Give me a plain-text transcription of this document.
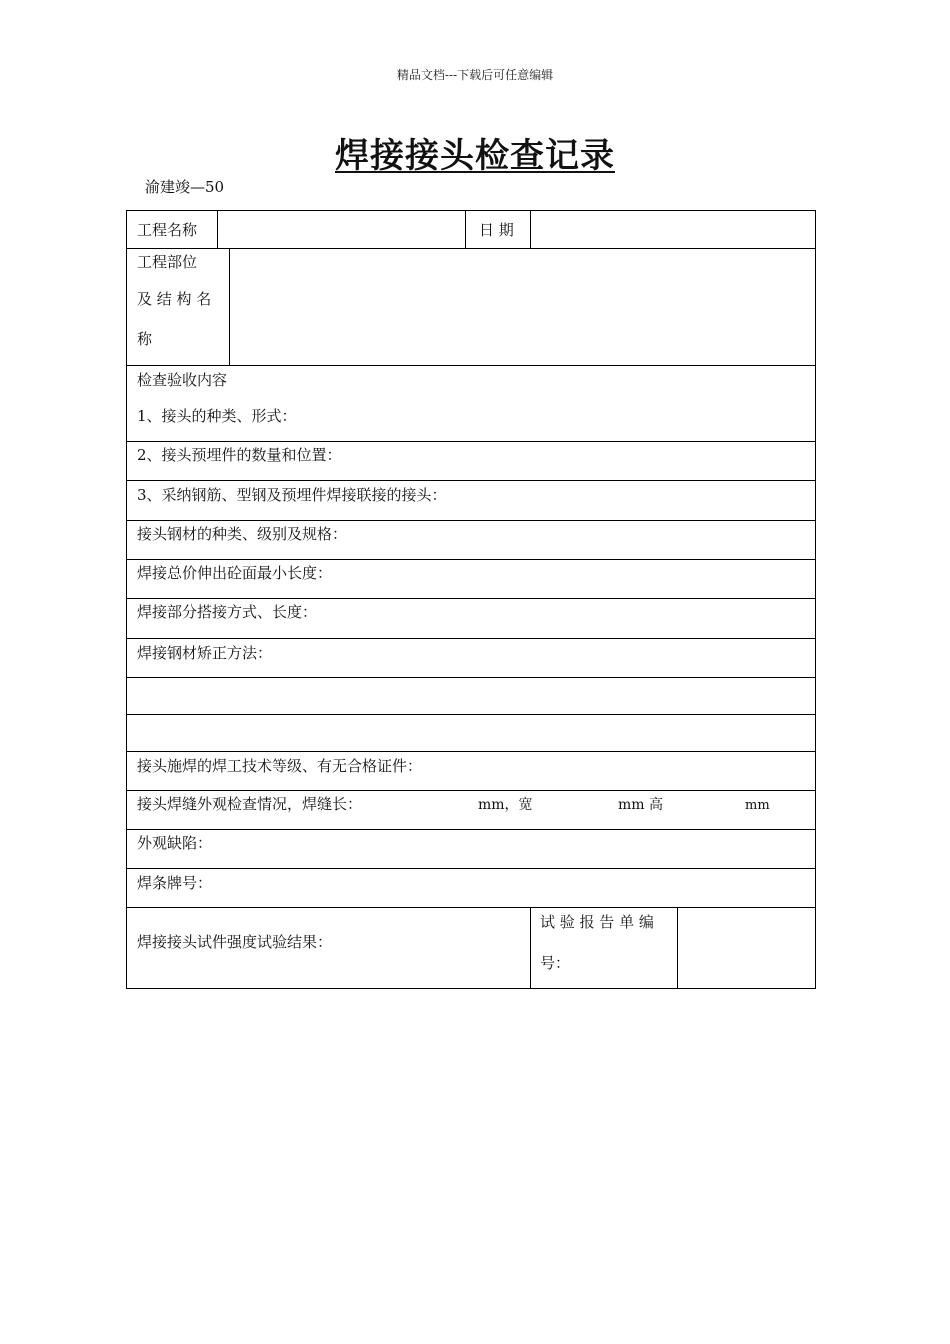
精品文档---下载后可任意编辑
焊接接头检查记录
渝建竣—50
工程名称	日 期
工程部位
及 结 构 名
称
检查验收内容
1、接头的种类、形式：
2、接头预埋件的数量和位置：
3、采纳钢筋、型钢及预埋件焊接联接的接头：
接头钢材的种类、级别及规格：
焊接总价伸出砼面最小长度：
焊接部分搭接方式、长度：
焊接钢材矫正方法：
接头施焊的焊工技术等级、有无合格证件：
接头焊缝外观检查情况，焊缝长：	mm，宽	mm 高	mm
外观缺陷：
焊条牌号：
焊接接头试件强度试验结果：
试 验 报 告 单 编
号：
